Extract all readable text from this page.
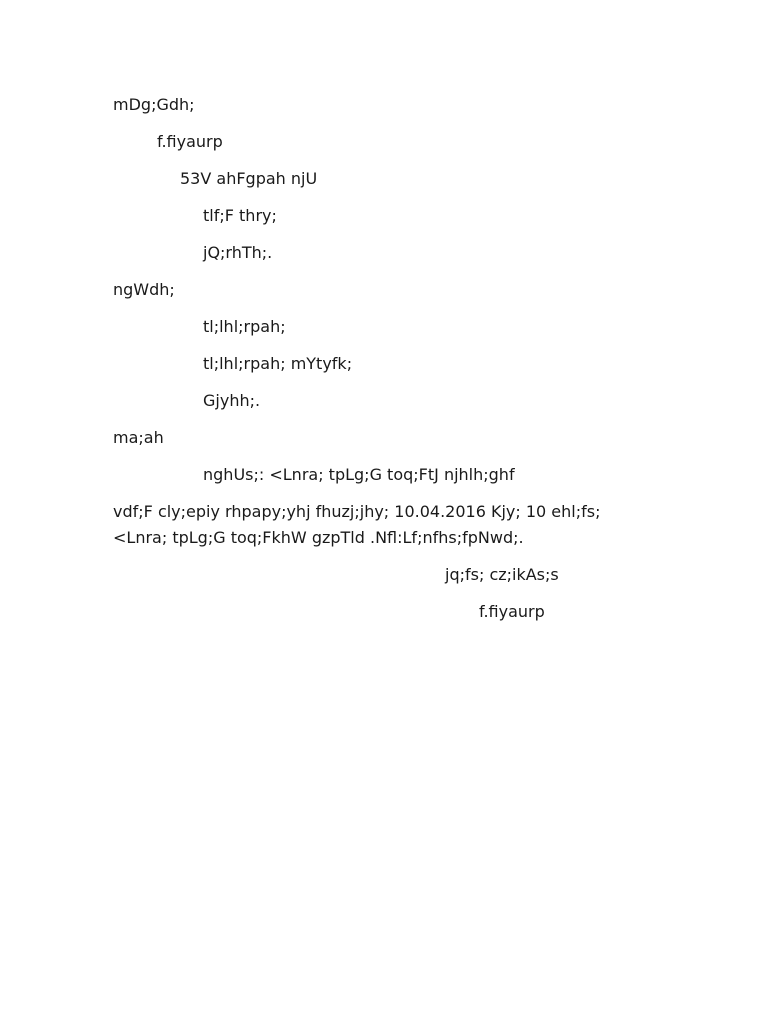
mDg;Gdh;
f.fiyaurp
53V ahFgpah njU
tlf;F thry;
jQ;rhTh;.
ngWdh;
tl;lhl;rpah;
tl;lhl;rpah; mYtyfk;
Gjyhh;.
ma;ah
nghUs;: <Lnra; tpLg;G toq;FtJ njhlh;ghf
vdf;F cly;epiy rhpapy;yhj fhuzj;jhy; 10.04.2016 Kjy; 10 ehl;fs;
<Lnra; tpLg;G toq;FkhW gzpTld .Nfl:Lf;nfhs;fpNwd;.
jq;fs; cz;ikAs;s
f.fiyaurp
